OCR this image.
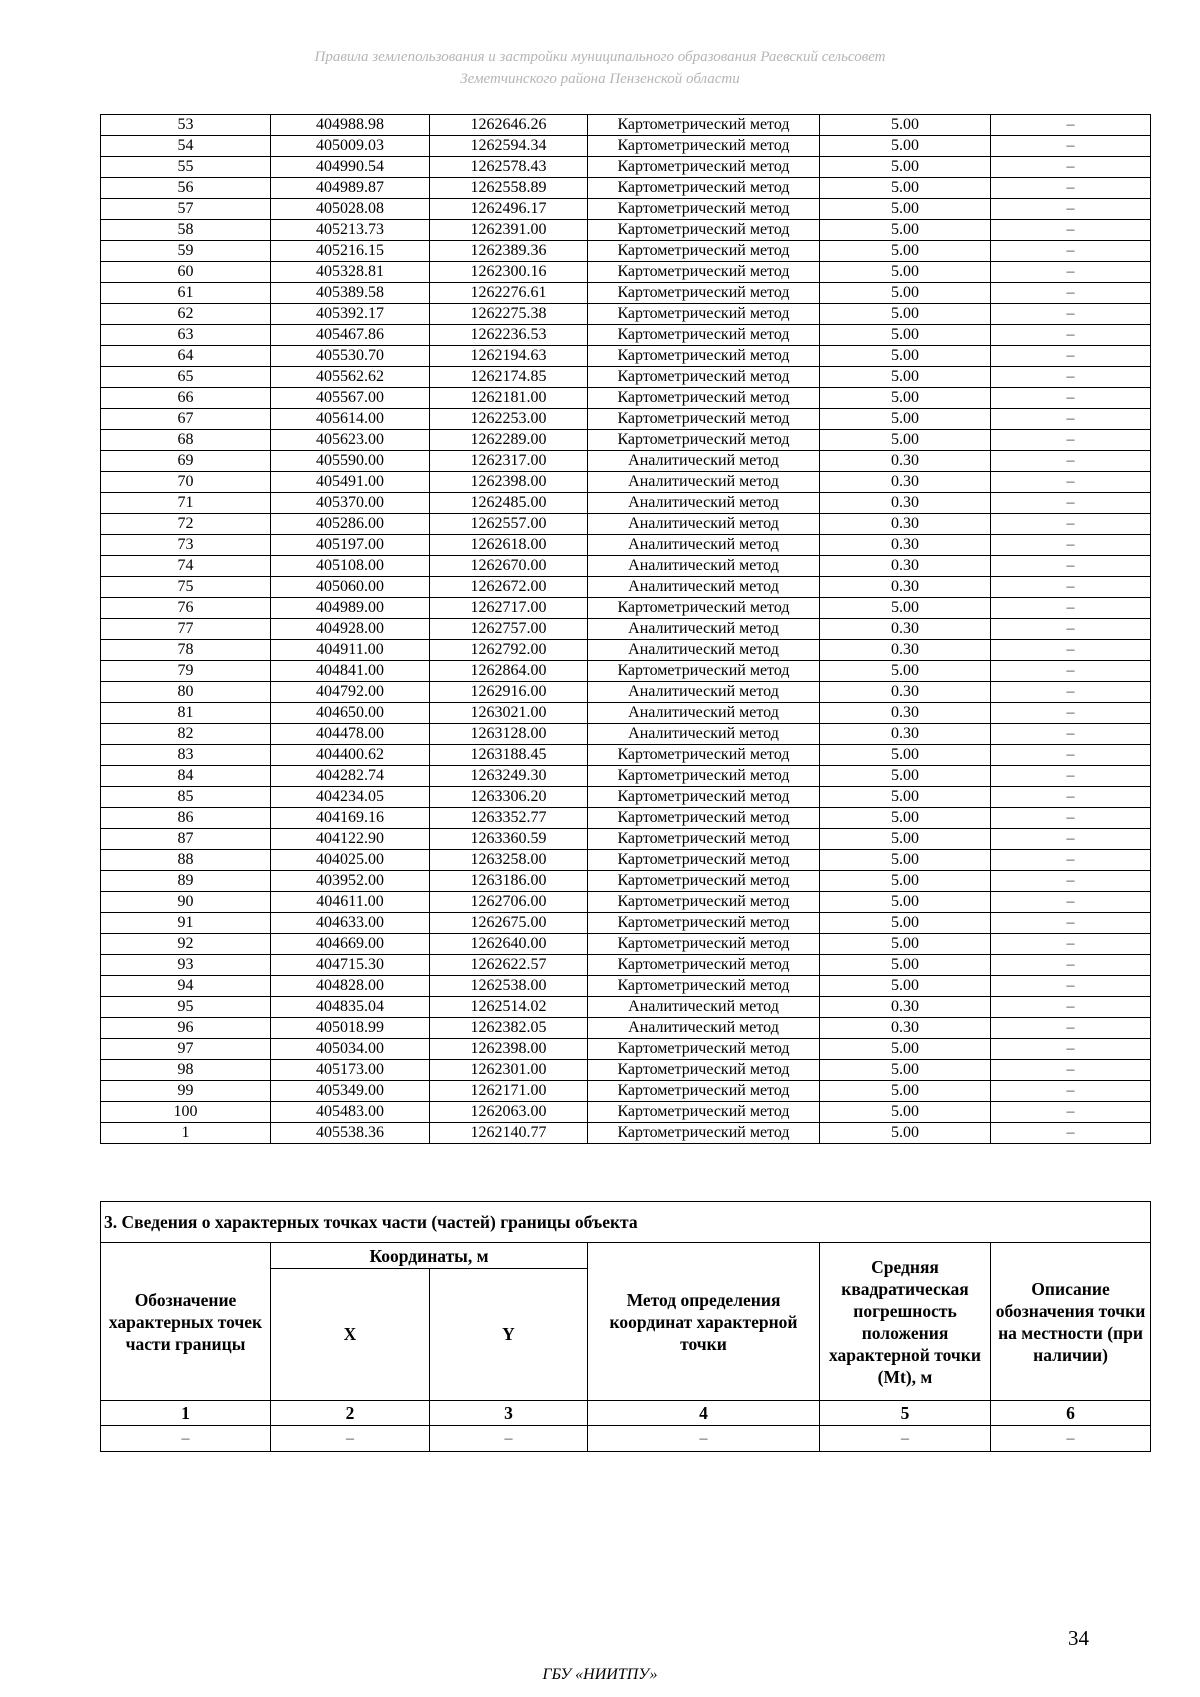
Правила землепользования и застройки муниципального образования Раевский сельсовет
Земетчинского района Пензенской области
53	404988.98	1262646.26	Картометрический метод	5.00	–
54	405009.03	1262594.34	Картометрический метод	5.00	–
55	404990.54	1262578.43	Картометрический метод	5.00	–
56	404989.87	1262558.89	Картометрический метод	5.00	–
57	405028.08	1262496.17	Картометрический метод	5.00	–
58	405213.73	1262391.00	Картометрический метод	5.00	–
59	405216.15	1262389.36	Картометрический метод	5.00	–
60	405328.81	1262300.16	Картометрический метод	5.00	–
61	405389.58	1262276.61	Картометрический метод	5.00	–
62	405392.17	1262275.38	Картометрический метод	5.00	–
63	405467.86	1262236.53	Картометрический метод	5.00	–
64	405530.70	1262194.63	Картометрический метод	5.00	–
65	405562.62	1262174.85	Картометрический метод	5.00	–
66	405567.00	1262181.00	Картометрический метод	5.00	–
67	405614.00	1262253.00	Картометрический метод	5.00	–
68	405623.00	1262289.00	Картометрический метод	5.00	–
69	405590.00	1262317.00	Аналитический метод	0.30	–
70	405491.00	1262398.00	Аналитический метод	0.30	–
71	405370.00	1262485.00	Аналитический метод	0.30	–
72	405286.00	1262557.00	Аналитический метод	0.30	–
73	405197.00	1262618.00	Аналитический метод	0.30	–
74	405108.00	1262670.00	Аналитический метод	0.30	–
75	405060.00	1262672.00	Аналитический метод	0.30	–
76	404989.00	1262717.00	Картометрический метод	5.00	–
77	404928.00	1262757.00	Аналитический метод	0.30	–
78	404911.00	1262792.00	Аналитический метод	0.30	–
79	404841.00	1262864.00	Картометрический метод	5.00	–
80	404792.00	1262916.00	Аналитический метод	0.30	–
81	404650.00	1263021.00	Аналитический метод	0.30	–
82	404478.00	1263128.00	Аналитический метод	0.30	–
83	404400.62	1263188.45	Картометрический метод	5.00	–
84	404282.74	1263249.30	Картометрический метод	5.00	–
85	404234.05	1263306.20	Картометрический метод	5.00	–
86	404169.16	1263352.77	Картометрический метод	5.00	–
87	404122.90	1263360.59	Картометрический метод	5.00	–
88	404025.00	1263258.00	Картометрический метод	5.00	–
89	403952.00	1263186.00	Картометрический метод	5.00	–
90	404611.00	1262706.00	Картометрический метод	5.00	–
91	404633.00	1262675.00	Картометрический метод	5.00	–
92	404669.00	1262640.00	Картометрический метод	5.00	–
93	404715.30	1262622.57	Картометрический метод	5.00	–
94	404828.00	1262538.00	Картометрический метод	5.00	–
95	404835.04	1262514.02	Аналитический метод	0.30	–
96	405018.99	1262382.05	Аналитический метод	0.30	–
97	405034.00	1262398.00	Картометрический метод	5.00	–
98	405173.00	1262301.00	Картометрический метод	5.00	–
99	405349.00	1262171.00	Картометрический метод	5.00	–
100	405483.00	1262063.00	Картометрический метод	5.00	–
1	405538.36	1262140.77	Картометрический метод	5.00	–
3. Сведения о характерных точках части (частей) границы объекта					
Обозначение характерных точек части границы	Координаты, м		Метод определения координат характерной точки	Средняя квадратическая погрешность положения характерной точки (Мt), м	Описание обозначения точки на местности (при наличии)
	X	Y			
1	2	3	4	5	6
–	–	–	–	–	–
34
ГБУ «НИИТПУ»
